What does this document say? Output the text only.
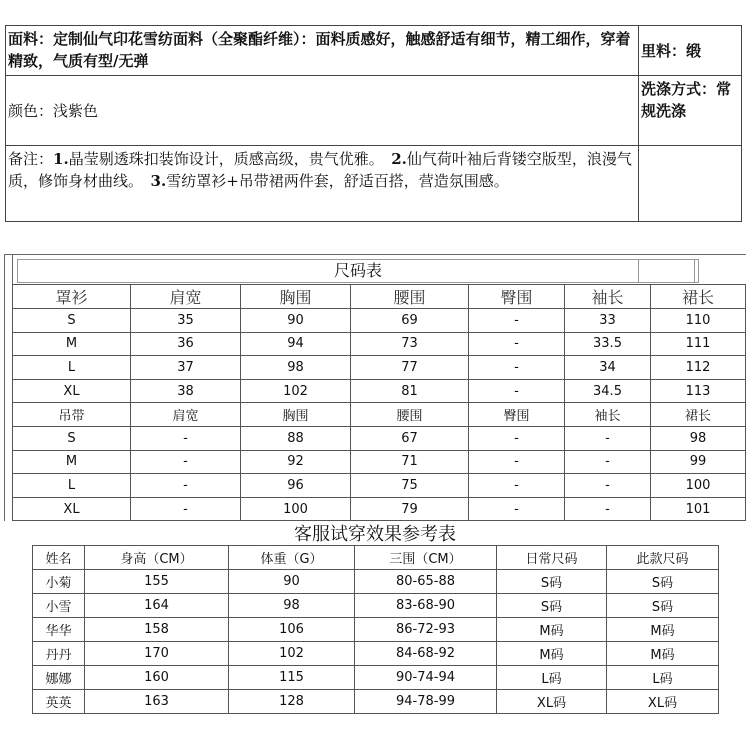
面料：定制仙气印花雪纺面料（全聚酯纤维）：面料质感好，触感舒适有细节，精工细作，穿着精致，气质有型/无弹	里料：缎
颜色：浅紫色	洗涤方式：常规洗涤
备注：1.晶莹剔透珠扣装饰设计，质感高级，贵气优雅。　 2.仙气荷叶袖后背镂空版型，浪漫气质，修饰身材曲线。　 3.雪纺罩衫+吊带裙两件套，舒适百搭，营造氛围感。	
尺码表
罩衫	肩宽	胸围	腰围	臀围	袖长	裙长
S	35	90	69	-	33	110
M	36	94	73	-	33.5	111
L	37	98	77	-	34	112
XL	38	102	81	-	34.5	113
吊带	肩宽	胸围	腰围	臀围	袖长	裙长
S	-	88	67	-	-	98
M	-	92	71	-	-	99
L	-	96	75	-	-	100
XL	-	100	79	-	-	101
客服试穿效果参考表
姓名	身高（CM）	体重（G）	三围（CM）	日常尺码	此款尺码
小菊	155	90	80-65-88	S码	S码
小雪	164	98	83-68-90	S码	S码
华华	158	106	86-72-93	M码	M码
丹丹	170	102	84-68-92	M码	M码
娜娜	160	115	90-74-94	L码	L码
英英	163	128	94-78-99	XL码	XL码
